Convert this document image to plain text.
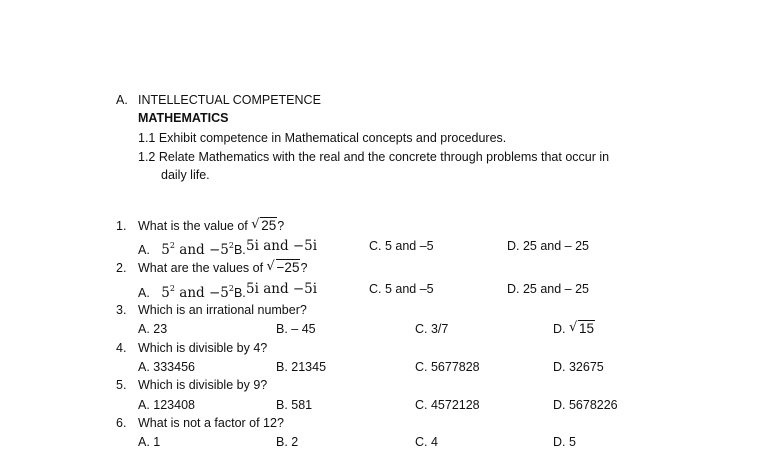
A. INTELLECTUAL COMPETENCE
MATHEMATICS
1.1 Exhibit competence in Mathematical concepts and procedures.
1.2 Relate Mathematics with the real and the concrete through problems that occur in
daily life.
1. What is the value of √ 25?
A. $5^2$ and $-5^2B$. 5i and −5i	C. 5 and –5	D. 25 and – 25
2. What are the values of √ −25?
A. $5^2$ and $-5^2B$. 5i and −5i	C. 5 and –5	D. 25 and – 25
3. Which is an irrational number?
A. 23	B. – 45	C. 3/7	D. √ 15
4. Which is divisible by 4?
A. 333456	B. 21345	C. 5677828	D. 32675
5. Which is divisible by 9?
A. 123408	B. 581	C. 4572128	D. 5678226
6. What is not a factor of 12?
A. 1	B. 2	C. 4	D. 5
